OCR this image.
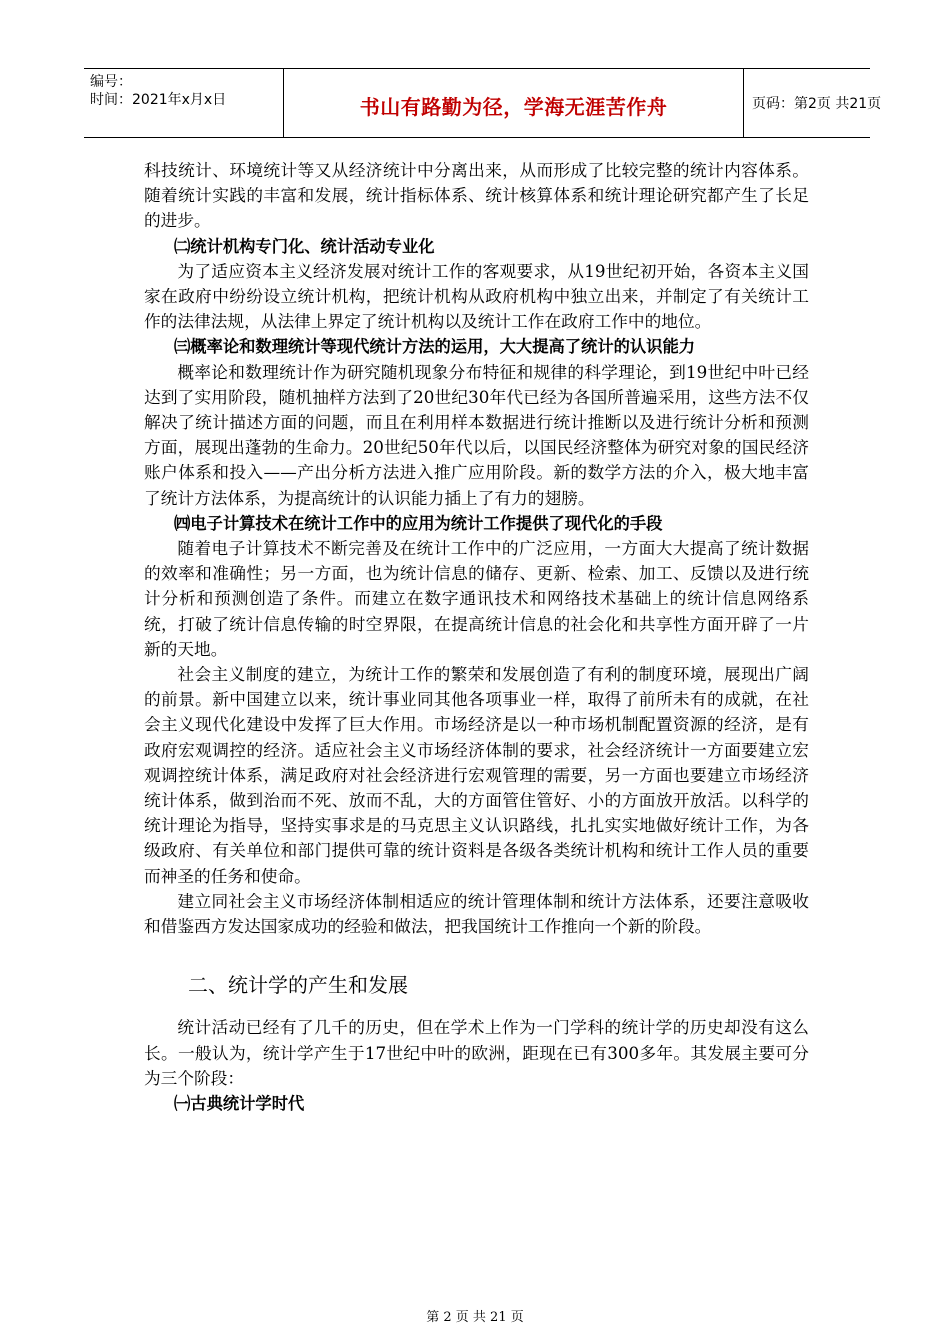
编号：
时间：2021年x月x日	书山有路勤为径，学海无涯苦作舟	页码：第2页 共21页

科技统计、环境统计等又从经济统计中分离出来，从而形成了比较完整的统计内容体系。随着统计实践的丰富和发展，统计指标体系、统计核算体系和统计理论研究都产生了长足的进步。

㈡统计机构专门化、统计活动专业化

为了适应资本主义经济发展对统计工作的客观要求，从19世纪初开始，各资本主义国家在政府中纷纷设立统计机构，把统计机构从政府机构中独立出来，并制定了有关统计工作的法律法规，从法律上界定了统计机构以及统计工作在政府工作中的地位。

㈢概率论和数理统计等现代统计方法的运用，大大提高了统计的认识能力

概率论和数理统计作为研究随机现象分布特征和规律的科学理论，到19世纪中叶已经达到了实用阶段，随机抽样方法到了20世纪30年代已经为各国所普遍采用，这些方法不仅解决了统计描述方面的问题，而且在利用样本数据进行统计推断以及进行统计分析和预测方面，展现出蓬勃的生命力。20世纪50年代以后，以国民经济整体为研究对象的国民经济账户体系和投入——产出分析方法进入推广应用阶段。新的数学方法的介入，极大地丰富了统计方法体系，为提高统计的认识能力插上了有力的翅膀。

㈣电子计算技术在统计工作中的应用为统计工作提供了现代化的手段

随着电子计算技术不断完善及在统计工作中的广泛应用，一方面大大提高了统计数据的效率和准确性；另一方面，也为统计信息的储存、更新、检索、加工、反馈以及进行统计分析和预测创造了条件。而建立在数字通讯技术和网络技术基础上的统计信息网络系统，打破了统计信息传输的时空界限，在提高统计信息的社会化和共享性方面开辟了一片新的天地。

社会主义制度的建立，为统计工作的繁荣和发展创造了有利的制度环境，展现出广阔的前景。新中国建立以来，统计事业同其他各项事业一样，取得了前所未有的成就，在社会主义现代化建设中发挥了巨大作用。市场经济是以一种市场机制配置资源的经济，是有政府宏观调控的经济。适应社会主义市场经济体制的要求，社会经济统计一方面要建立宏观调控统计体系，满足政府对社会经济进行宏观管理的需要，另一方面也要建立市场经济统计体系，做到治而不死、放而不乱，大的方面管住管好、小的方面放开放活。以科学的统计理论为指导，坚持实事求是的马克思主义认识路线，扎扎实实地做好统计工作，为各级政府、有关单位和部门提供可靠的统计资料是各级各类统计机构和统计工作人员的重要而神圣的任务和使命。

建立同社会主义市场经济体制相适应的统计管理体制和统计方法体系，还要注意吸收和借鉴西方发达国家成功的经验和做法，把我国统计工作推向一个新的阶段。

二、统计学的产生和发展

统计活动已经有了几千的历史，但在学术上作为一门学科的统计学的历史却没有这么长。一般认为，统计学产生于17世纪中叶的欧洲，距现在已有300多年。其发展主要可分为三个阶段：

㈠古典统计学时代

第 2 页 共 21 页
